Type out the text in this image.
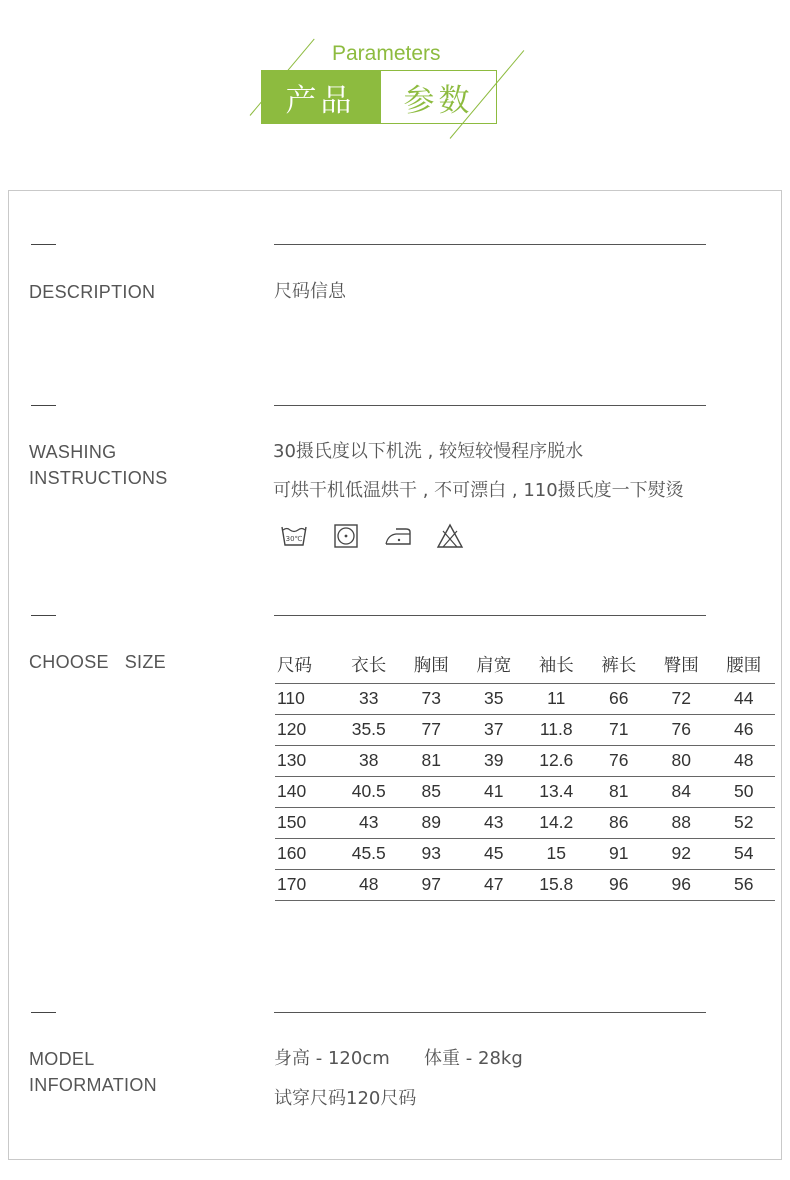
Parameters
产品	参数
DESCRIPTION	尺码信息
WASHING
INSTRUCTIONS
30摄氏度以下机洗 , 较短较慢程序脱水
可烘干机低温烘干 , 不可漂白 , 110摄氏度一下熨烫
30℃
CHOOSE   SIZE	尺码	衣长	胸围	肩宽	袖长	裤长	臀围	腰围
110	33	73	35	11	66	72	44
120	35.5	77	37	11.8	71	76	46
130	38	81	39	12.6	76	80	48
140	40.5	85	41	13.4	81	84	50
150	43	89	43	14.2	86	88	52
160	45.5	93	45	15	91	92	54
170	48	97	47	15.8	96	96	56
MODEL
INFORMATION
身高 - 120cm      体重 - 28kg
试穿尺码120尺码
